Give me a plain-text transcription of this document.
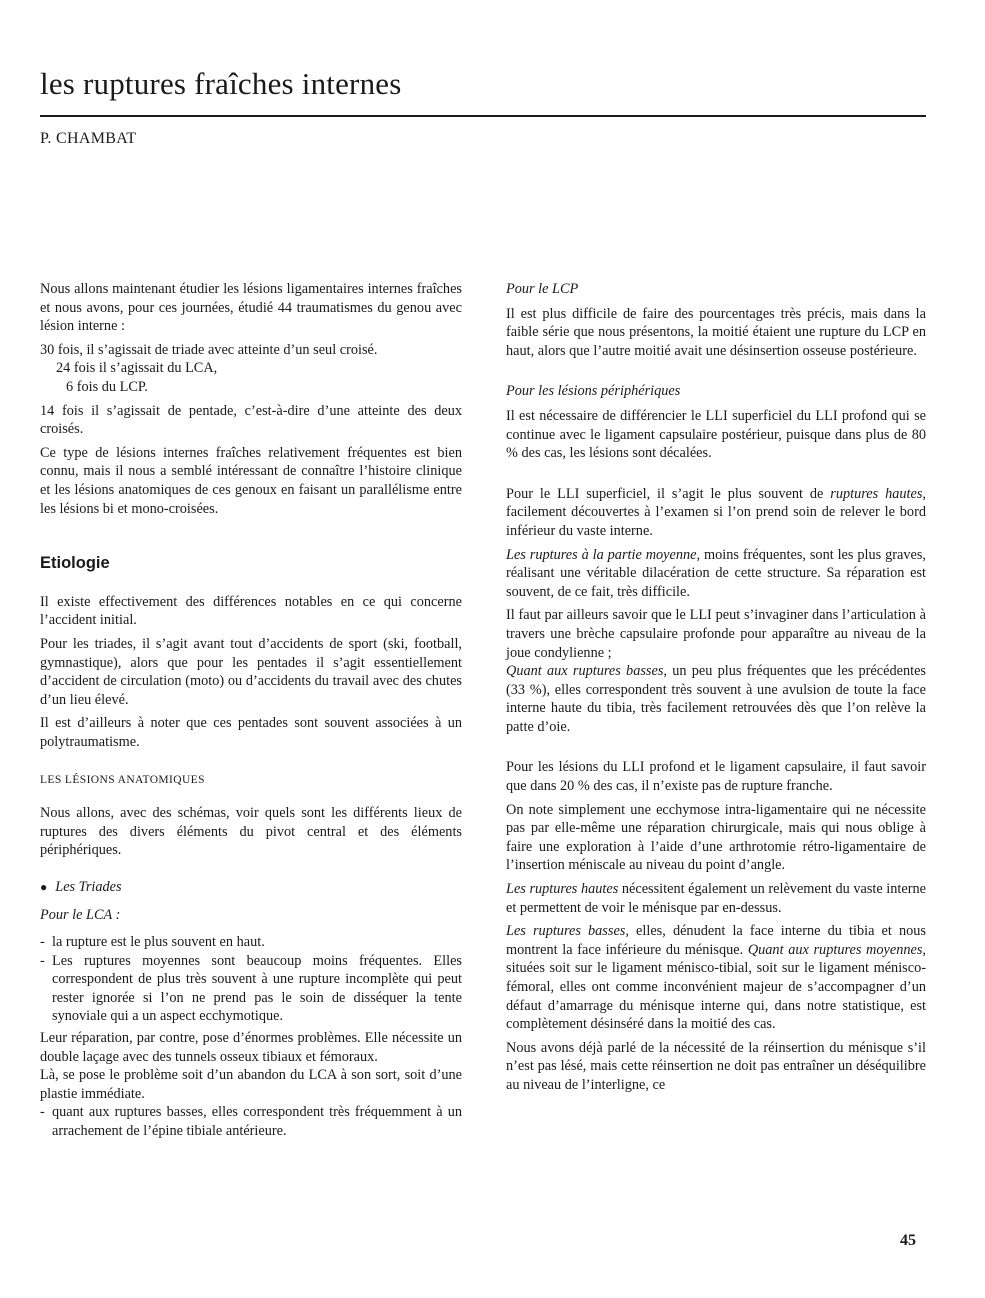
les ruptures fraîches internes
P. CHAMBAT

Nous allons maintenant étudier les lésions ligamentaires internes fraîches et nous avons, pour ces journées, étudié 44 traumatismes du genou avec lésion interne :

30 fois, il s’agissait de triade avec atteinte d’un seul croisé.

24 fois il s’agissait du LCA,

6 fois du LCP.

14 fois il s’agissait de pentade, c’est-à-dire d’une atteinte des deux croisés.

Ce type de lésions internes fraîches relativement fréquentes est bien connu, mais il nous a semblé intéressant de connaître l’histoire clinique et les lésions anatomiques de ces genoux en faisant un parallélisme entre les lésions bi et mono-croisées.

Etiologie

Il existe effectivement des différences notables en ce qui concerne l’accident initial.

Pour les triades, il s’agit avant tout d’accidents de sport (ski, football, gymnastique), alors que pour les pentades il s’agit essentiellement d’accident de circulation (moto) ou d’accidents du travail avec des chutes d’un lieu élevé.

Il est d’ailleurs à noter que ces pentades sont souvent associées à un polytraumatisme.

LES LÉSIONS ANATOMIQUES

Nous allons, avec des schémas, voir quels sont les différents lieux de ruptures des divers éléments du pivot central et des éléments périphériques.

● Les Triades
Pour le LCA :
- la rupture est le plus souvent en haut.
- Les ruptures moyennes sont beaucoup moins fréquentes. Elles correspondent de plus très souvent à une rupture incomplète qui peut rester ignorée si l’on ne prend pas le soin de disséquer la tente synoviale qui a un aspect ecchymotique.

Leur réparation, par contre, pose d’énormes problèmes. Elle nécessite un double laçage avec des tunnels osseux tibiaux et fémoraux.

Là, se pose le problème soit d’un abandon du LCA à son sort, soit d’une plastie immédiate.

- quant aux ruptures basses, elles correspondent très fréquemment à un arrachement de l’épine tibiale antérieure.
Pour le LCP

Il est plus difficile de faire des pourcentages très précis, mais dans la faible série que nous présentons, la moitié étaient une rupture du LCP en haut, alors que l’autre moitié avait une désinsertion osseuse postérieure.

Pour les lésions périphériques

Il est nécessaire de différencier le LLI superficiel du LLI profond qui se continue avec le ligament capsulaire postérieur, puisque dans plus de 80 % des cas, les lésions sont décalées.

Pour le LLI superficiel, il s’agit le plus souvent de ruptures hautes, facilement découvertes à l’examen si l’on prend soin de relever le bord inférieur du vaste interne.

Les ruptures à la partie moyenne, moins fréquentes, sont les plus graves, réalisant une véritable dilacération de cette structure. Sa réparation est souvent, de ce fait, très difficile.

Il faut par ailleurs savoir que le LLI peut s’invaginer dans l’articulation à travers une brèche capsulaire profonde pour apparaître au niveau de la joue condylienne ;

Quant aux ruptures basses, un peu plus fréquentes que les précédentes (33 %), elles correspondent très souvent à une avulsion de toute la face interne haute du tibia, très facilement retrouvées dès que l’on relève la patte d’oie.

Pour les lésions du LLI profond et le ligament capsulaire, il faut savoir que dans 20 % des cas, il n’existe pas de rupture franche.

On note simplement une ecchymose intra-ligamentaire qui ne nécessite pas par elle-même une réparation chirurgicale, mais qui nous oblige à faire une exploration à l’aide d’une arthrotomie rétro-ligamentaire de l’insertion méniscale au niveau du point d’angle.

Les ruptures hautes nécessitent également un relèvement du vaste interne et permettent de voir le ménisque par en-dessus.

Les ruptures basses, elles, dénudent la face interne du tibia et nous montrent la face inférieure du ménisque. Quant aux ruptures moyennes, situées soit sur le ligament ménisco-tibial, soit sur le ligament ménisco-fémoral, elles ont comme inconvénient majeur de s’accompagner d’un défaut d’amarrage du ménisque interne qui, dans notre statistique, est complètement désinséré dans la moitié des cas.

Nous avons déjà parlé de la nécessité de la réinsertion du ménisque s’il n’est pas lésé, mais cette réinsertion ne doit pas entraîner un déséquilibre au niveau de l’interligne, ce

45
